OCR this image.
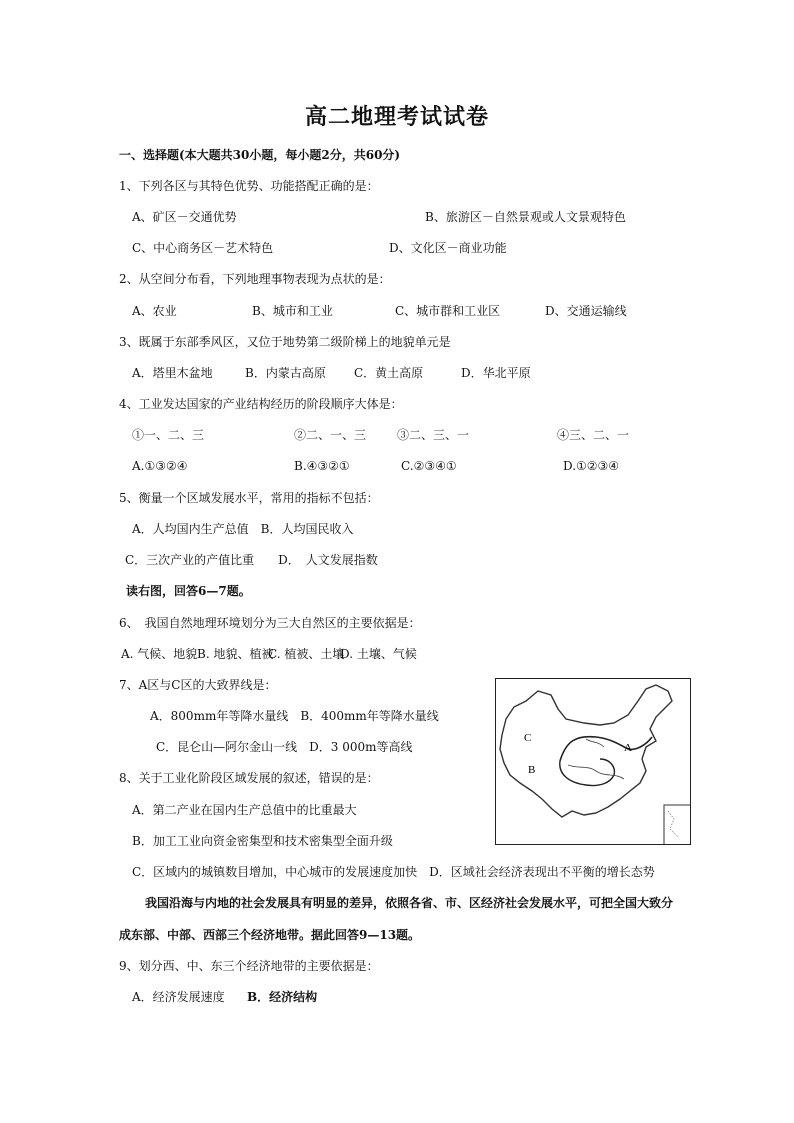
高二地理考试试卷
一、选择题(本大题共30小题，每小题2分，共60分)
1、下列各区与其特色优势、功能搭配正确的是：
A、矿区－交通优势	B、旅游区－自然景观或人文景观特色
C、中心商务区－艺术特色	D、文化区－商业功能
2、从空间分布看，下列地理事物表现为点状的是：
A、农业	B、城市和工业	C、城市群和工业区	D、交通运输线
3、既属于东部季风区，又位于地势第二级阶梯上的地貌单元是
A．塔里木盆地	B．内蒙古高原 C．黄土高原	D．华北平原
4、工业发达国家的产业结构经历的阶段顺序大体是：
①一、二、三	②二、一、三	③二、三、一	④三、二、一
A.①③②④	B.④③②①	C.②③④①	D.①②③④
5、衡量一个区域发展水平，常用的指标不包括：
A．人均国内生产总值　B．人均国民收入
C．三次产业的产值比重　　D．　人文发展指数
读右图，回答6—7题。
6、　我国自然地理环境划分为三大自然区的主要依据是：
A. 气候、地貌 B. 地貌、植被
C. 植被、土壤
D. 土壤、气候
7、A区与C区的大致界线是：
A．800mm年等降水量线　B．400mm年等降水量线
C．昆仑山—阿尔金山一线　D．3 000m等高线
8、关于工业化阶段区域发展的叙述，错误的是：
A．第二产业在国内生产总值中的比重最大
B．加工工业向资金密集型和技术密集型全面升级
C．区域内的城镇数目增加，中心城市的发展速度加快　D．区域社会经济表现出不平衡的增长态势
我国沿海与内地的社会发展具有明显的差异，依照各省、市、区经济社会发展水平，可把全国大致分
成东部、中部、西部三个经济地带。据此回答9—13题。
9、划分西、中、东三个经济地带的主要依据是：
A．经济发展速度 B．经济结构
A
B
C
